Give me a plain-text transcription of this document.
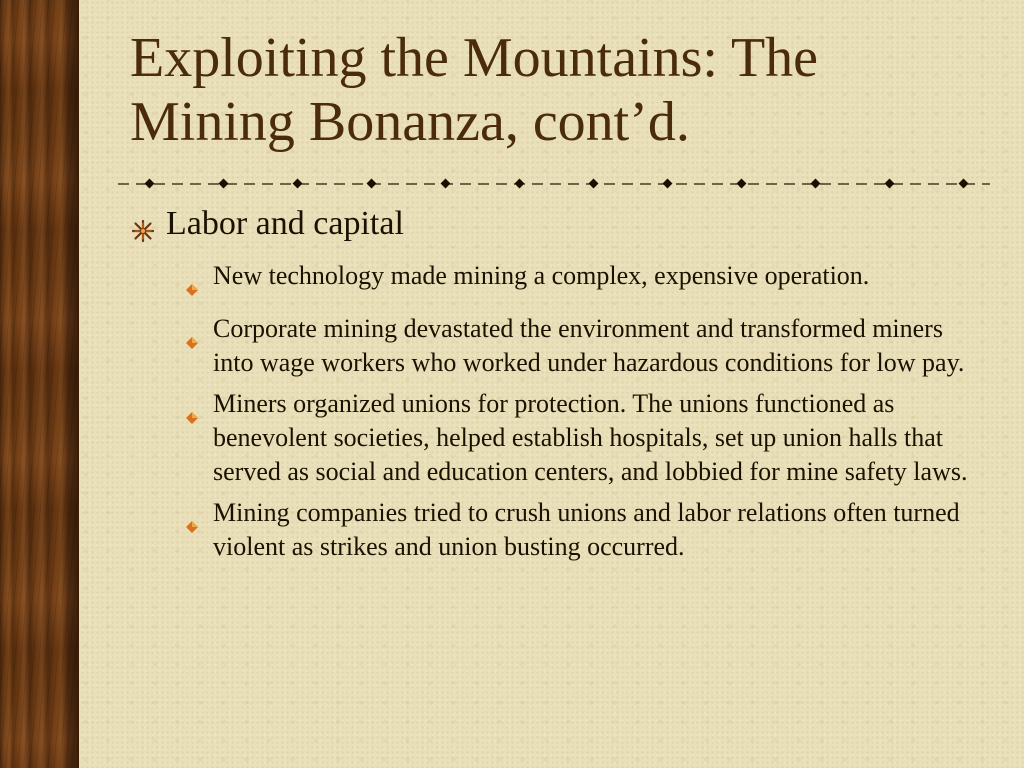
Exploiting the Mountains: The
Mining Bonanza, cont’d.
Labor and capital
New technology made mining a complex, expensive operation.
Corporate mining devastated the environment and transformed miners into wage workers who worked under hazardous conditions for low pay.
Miners organized unions for protection. The unions functioned as benevolent societies, helped establish hospitals, set up union halls that served as social and education centers, and lobbied for mine safety laws.
Mining companies tried to crush unions and labor relations often turned violent as strikes and union busting occurred.
